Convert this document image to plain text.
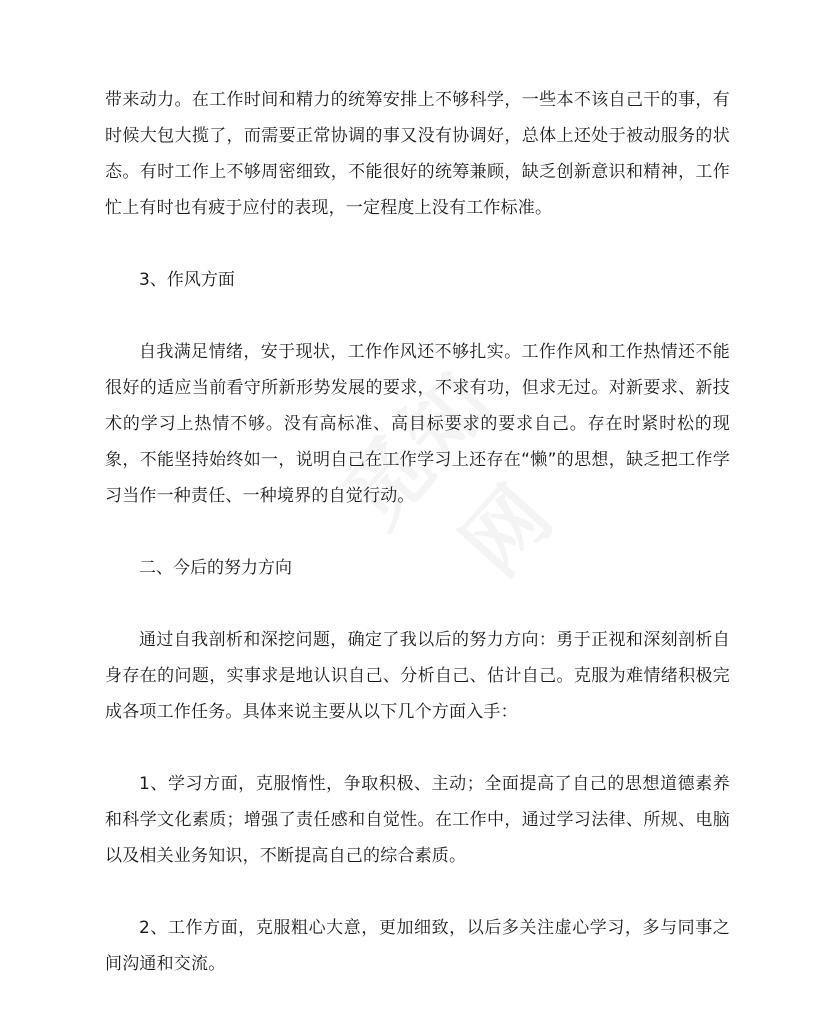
带来动力。在工作时间和精力的统筹安排上不够科学，一些本不该自己干的事，有时候大包大揽了，而需要正常协调的事又没有协调好，总体上还处于被动服务的状态。有时工作上不够周密细致，不能很好的统筹兼顾，缺乏创新意识和精神，工作忙上有时也有疲于应付的表现，一定程度上没有工作标准。

3、作风方面

自我满足情绪，安于现状，工作作风还不够扎实。工作作风和工作热情还不能很好的适应当前看守所新形势发展的要求，不求有功，但求无过。对新要求、新技术的学习上热情不够。没有高标准、高目标要求的要求自己。存在时紧时松的现象，不能坚持始终如一，说明自己在工作学习上还存在“懒”的思想，缺乏把工作学习当作一种责任、一种境界的自觉行动。

二、今后的努力方向

通过自我剖析和深挖问题，确定了我以后的努力方向：勇于正视和深刻剖析自身存在的问题，实事求是地认识自己、分析自己、估计自己。克服为难情绪积极完成各项工作任务。具体来说主要从以下几个方面入手：

1、学习方面，克服惰性，争取积极、主动；全面提高了自己的思想道德素养和科学文化素质；增强了责任感和自觉性。在工作中，通过学习法律、所规、电脑以及相关业务知识，不断提高自己的综合素质。

2、工作方面，克服粗心大意，更加细致，以后多关注虚心学习，多与同事之间沟通和交流。
